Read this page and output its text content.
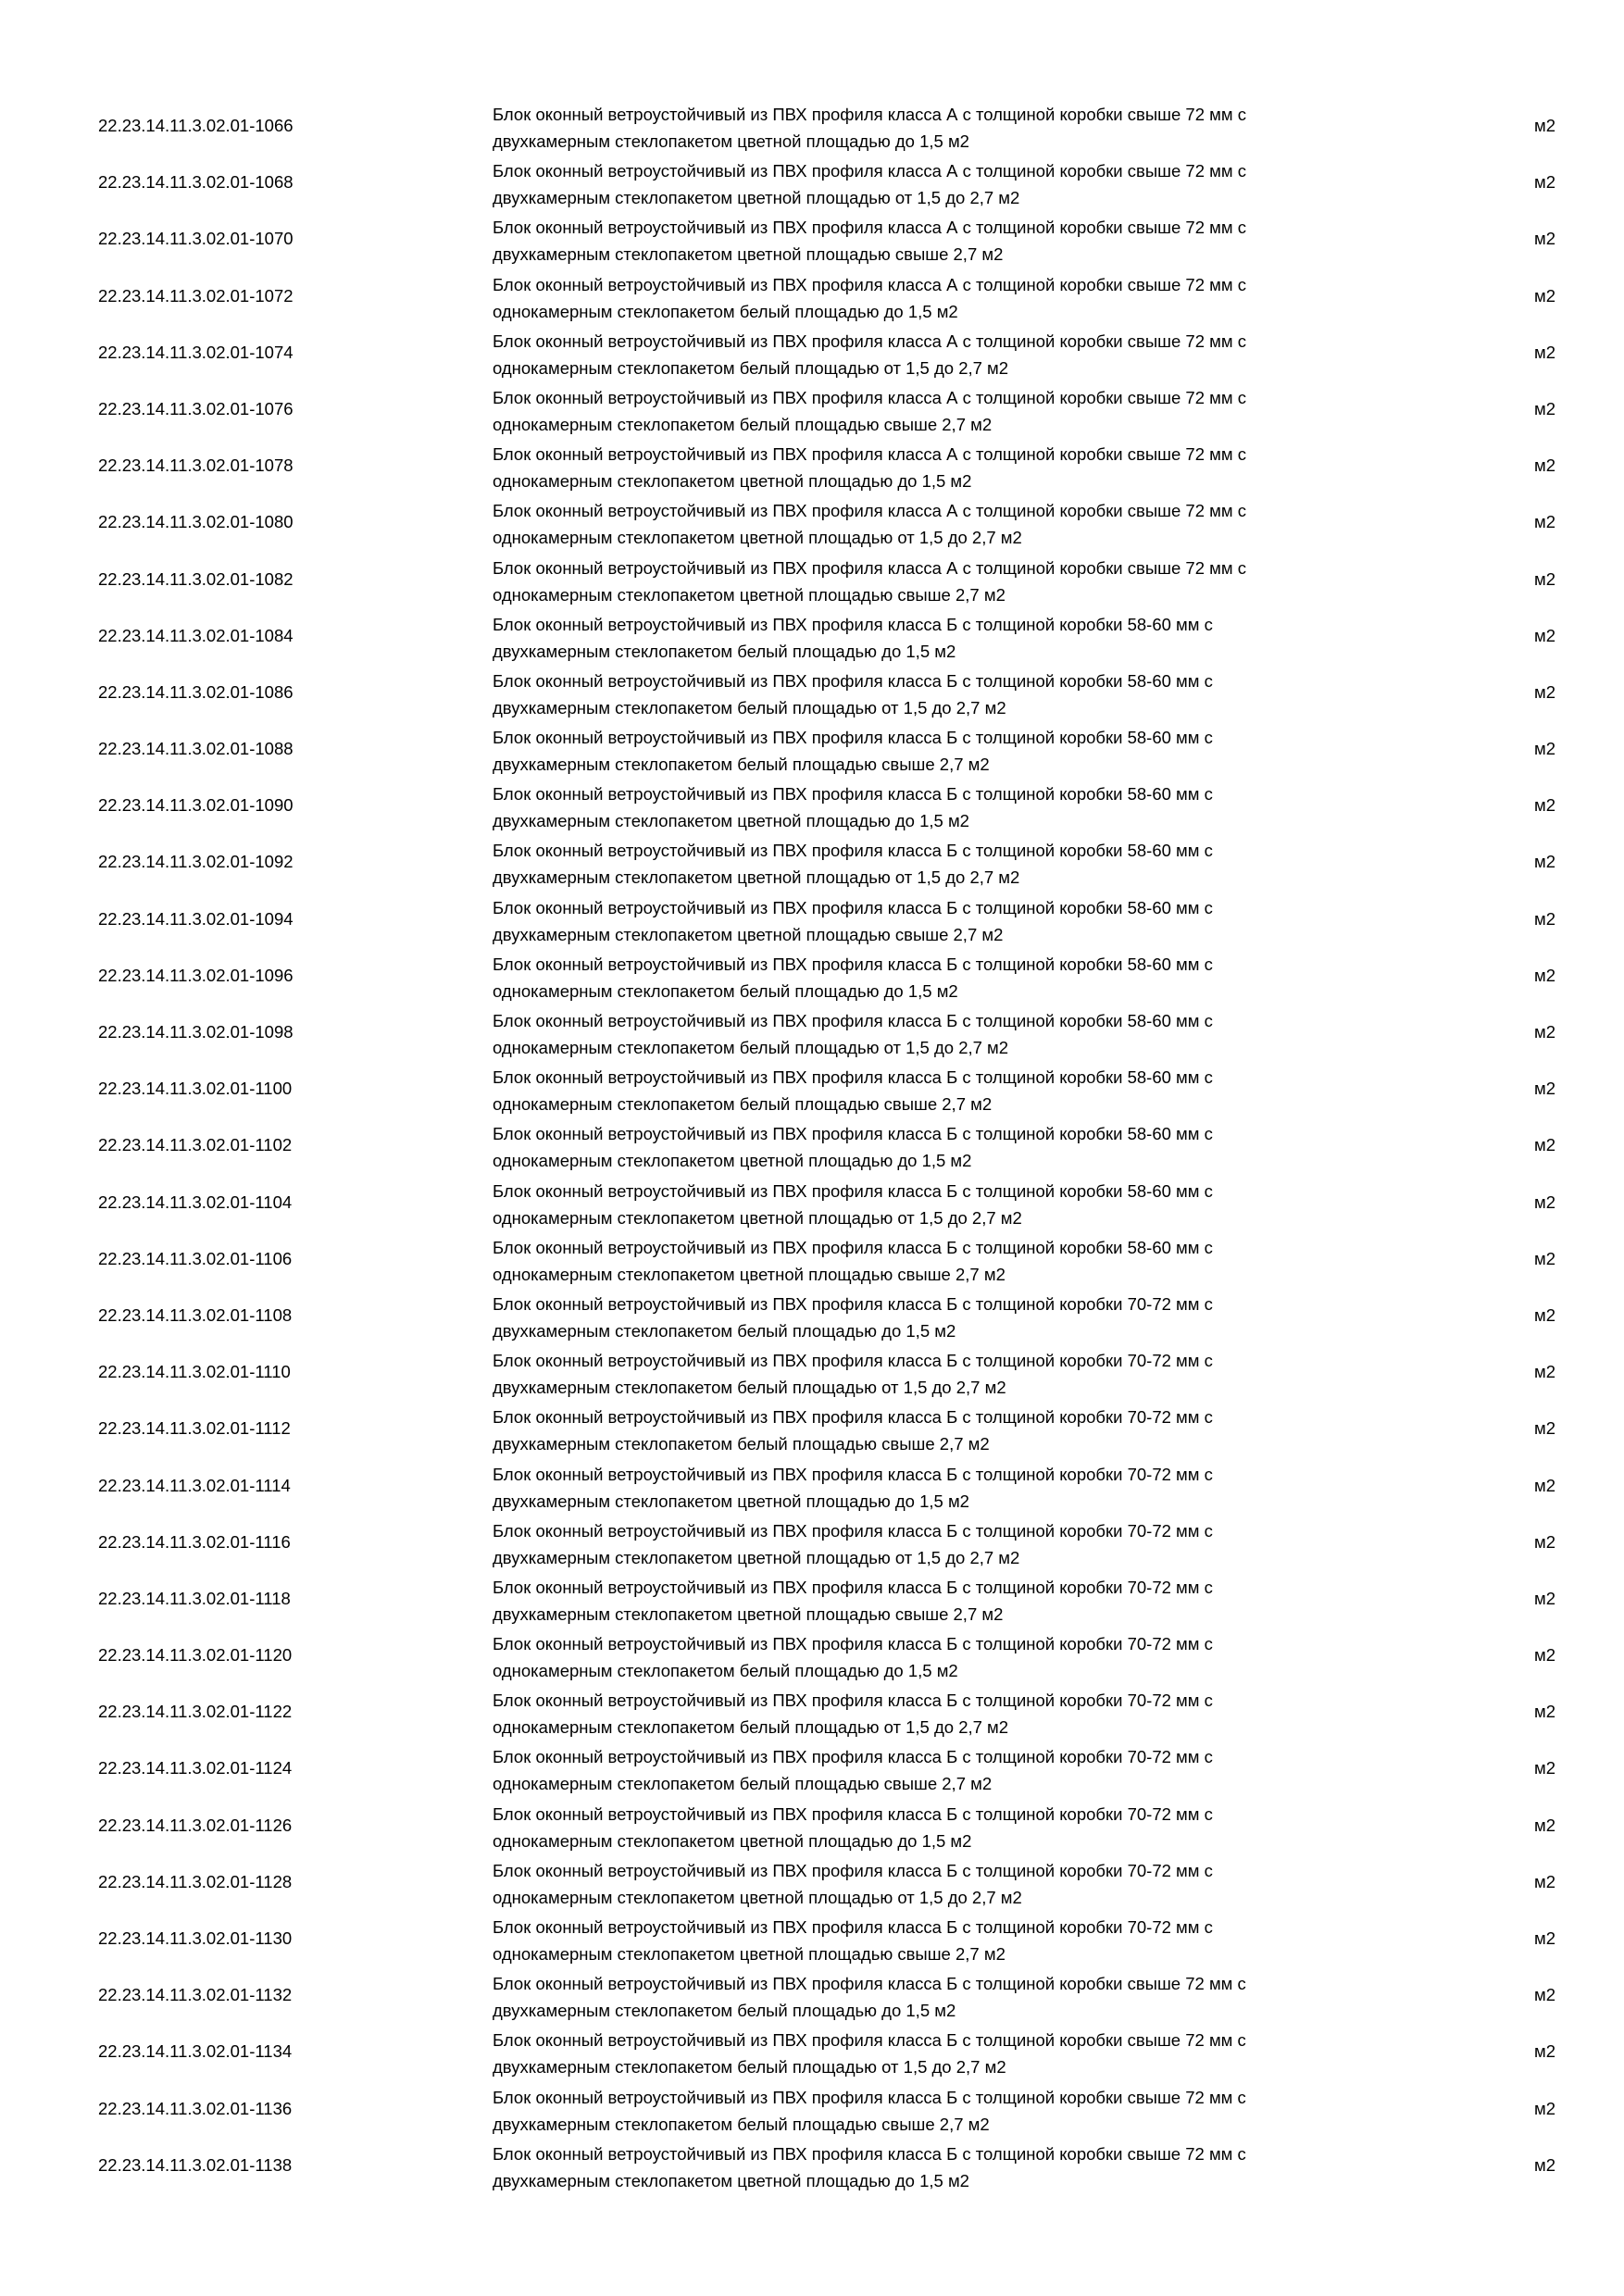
22.23.14.11.3.02.01-1066
Блок оконный ветроустойчивый из ПВХ профиля класса А с толщиной коробки свыше 72 мм с
двухкамерным стеклопакетом цветной площадью до 1,5 м2
м2
22.23.14.11.3.02.01-1068
Блок оконный ветроустойчивый из ПВХ профиля класса А с толщиной коробки свыше 72 мм с
двухкамерным стеклопакетом цветной площадью от 1,5 до 2,7 м2
м2
22.23.14.11.3.02.01-1070
Блок оконный ветроустойчивый из ПВХ профиля класса А с толщиной коробки свыше 72 мм с
двухкамерным стеклопакетом цветной площадью свыше 2,7 м2
м2
22.23.14.11.3.02.01-1072
Блок оконный ветроустойчивый из ПВХ профиля класса А с толщиной коробки свыше 72 мм с
однокамерным стеклопакетом белый площадью до 1,5 м2
м2
22.23.14.11.3.02.01-1074
Блок оконный ветроустойчивый из ПВХ профиля класса А с толщиной коробки свыше 72 мм с
однокамерным стеклопакетом белый площадью от 1,5 до 2,7 м2
м2
22.23.14.11.3.02.01-1076
Блок оконный ветроустойчивый из ПВХ профиля класса А с толщиной коробки свыше 72 мм с
однокамерным стеклопакетом белый площадью свыше 2,7 м2
м2
22.23.14.11.3.02.01-1078
Блок оконный ветроустойчивый из ПВХ профиля класса А с толщиной коробки свыше 72 мм с
однокамерным стеклопакетом цветной площадью до 1,5 м2
м2
22.23.14.11.3.02.01-1080
Блок оконный ветроустойчивый из ПВХ профиля класса А с толщиной коробки свыше 72 мм с
однокамерным стеклопакетом цветной площадью от 1,5 до 2,7 м2
м2
22.23.14.11.3.02.01-1082
Блок оконный ветроустойчивый из ПВХ профиля класса А с толщиной коробки свыше 72 мм с
однокамерным стеклопакетом цветной площадью свыше 2,7 м2
м2
22.23.14.11.3.02.01-1084
Блок оконный ветроустойчивый из ПВХ профиля класса Б с толщиной коробки 58-60 мм с
двухкамерным стеклопакетом белый площадью до 1,5 м2
м2
22.23.14.11.3.02.01-1086
Блок оконный ветроустойчивый из ПВХ профиля класса Б с толщиной коробки 58-60 мм с
двухкамерным стеклопакетом белый площадью от 1,5 до 2,7 м2
м2
22.23.14.11.3.02.01-1088
Блок оконный ветроустойчивый из ПВХ профиля класса Б с толщиной коробки 58-60 мм с
двухкамерным стеклопакетом белый площадью свыше 2,7 м2
м2
22.23.14.11.3.02.01-1090
Блок оконный ветроустойчивый из ПВХ профиля класса Б с толщиной коробки 58-60 мм с
двухкамерным стеклопакетом цветной площадью до 1,5 м2
м2
22.23.14.11.3.02.01-1092
Блок оконный ветроустойчивый из ПВХ профиля класса Б с толщиной коробки 58-60 мм с
двухкамерным стеклопакетом цветной площадью от 1,5 до 2,7 м2
м2
22.23.14.11.3.02.01-1094
Блок оконный ветроустойчивый из ПВХ профиля класса Б с толщиной коробки 58-60 мм с
двухкамерным стеклопакетом цветной площадью свыше 2,7 м2
м2
22.23.14.11.3.02.01-1096
Блок оконный ветроустойчивый из ПВХ профиля класса Б с толщиной коробки 58-60 мм с
однокамерным стеклопакетом белый площадью до 1,5 м2
м2
22.23.14.11.3.02.01-1098
Блок оконный ветроустойчивый из ПВХ профиля класса Б с толщиной коробки 58-60 мм с
однокамерным стеклопакетом белый площадью от 1,5 до 2,7 м2
м2
22.23.14.11.3.02.01-1100
Блок оконный ветроустойчивый из ПВХ профиля класса Б с толщиной коробки 58-60 мм с
однокамерным стеклопакетом белый площадью свыше 2,7 м2
м2
22.23.14.11.3.02.01-1102
Блок оконный ветроустойчивый из ПВХ профиля класса Б с толщиной коробки 58-60 мм с
однокамерным стеклопакетом цветной площадью до 1,5 м2
м2
22.23.14.11.3.02.01-1104
Блок оконный ветроустойчивый из ПВХ профиля класса Б с толщиной коробки 58-60 мм с
однокамерным стеклопакетом цветной площадью от 1,5 до 2,7 м2
м2
22.23.14.11.3.02.01-1106
Блок оконный ветроустойчивый из ПВХ профиля класса Б с толщиной коробки 58-60 мм с
однокамерным стеклопакетом цветной площадью свыше 2,7 м2
м2
22.23.14.11.3.02.01-1108
Блок оконный ветроустойчивый из ПВХ профиля класса Б с толщиной коробки 70-72 мм с
двухкамерным стеклопакетом белый площадью до 1,5 м2
м2
22.23.14.11.3.02.01-1110
Блок оконный ветроустойчивый из ПВХ профиля класса Б с толщиной коробки 70-72 мм с
двухкамерным стеклопакетом белый площадью от 1,5 до 2,7 м2
м2
22.23.14.11.3.02.01-1112
Блок оконный ветроустойчивый из ПВХ профиля класса Б с толщиной коробки 70-72 мм с
двухкамерным стеклопакетом белый площадью свыше 2,7 м2
м2
22.23.14.11.3.02.01-1114
Блок оконный ветроустойчивый из ПВХ профиля класса Б с толщиной коробки 70-72 мм с
двухкамерным стеклопакетом цветной площадью до 1,5 м2
м2
22.23.14.11.3.02.01-1116
Блок оконный ветроустойчивый из ПВХ профиля класса Б с толщиной коробки 70-72 мм с
двухкамерным стеклопакетом цветной площадью от 1,5 до 2,7 м2
м2
22.23.14.11.3.02.01-1118
Блок оконный ветроустойчивый из ПВХ профиля класса Б с толщиной коробки 70-72 мм с
двухкамерным стеклопакетом цветной площадью свыше 2,7 м2
м2
22.23.14.11.3.02.01-1120
Блок оконный ветроустойчивый из ПВХ профиля класса Б с толщиной коробки 70-72 мм с
однокамерным стеклопакетом белый площадью до 1,5 м2
м2
22.23.14.11.3.02.01-1122
Блок оконный ветроустойчивый из ПВХ профиля класса Б с толщиной коробки 70-72 мм с
однокамерным стеклопакетом белый площадью от 1,5 до 2,7 м2
м2
22.23.14.11.3.02.01-1124
Блок оконный ветроустойчивый из ПВХ профиля класса Б с толщиной коробки 70-72 мм с
однокамерным стеклопакетом белый площадью свыше 2,7 м2
м2
22.23.14.11.3.02.01-1126
Блок оконный ветроустойчивый из ПВХ профиля класса Б с толщиной коробки 70-72 мм с
однокамерным стеклопакетом цветной площадью до 1,5 м2
м2
22.23.14.11.3.02.01-1128
Блок оконный ветроустойчивый из ПВХ профиля класса Б с толщиной коробки 70-72 мм с
однокамерным стеклопакетом цветной площадью от 1,5 до 2,7 м2
м2
22.23.14.11.3.02.01-1130
Блок оконный ветроустойчивый из ПВХ профиля класса Б с толщиной коробки 70-72 мм с
однокамерным стеклопакетом цветной площадью свыше 2,7 м2
м2
22.23.14.11.3.02.01-1132
Блок оконный ветроустойчивый из ПВХ профиля класса Б с толщиной коробки свыше 72 мм с
двухкамерным стеклопакетом белый площадью до 1,5 м2
м2
22.23.14.11.3.02.01-1134
Блок оконный ветроустойчивый из ПВХ профиля класса Б с толщиной коробки свыше 72 мм с
двухкамерным стеклопакетом белый площадью от 1,5 до 2,7 м2
м2
22.23.14.11.3.02.01-1136
Блок оконный ветроустойчивый из ПВХ профиля класса Б с толщиной коробки свыше 72 мм с
двухкамерным стеклопакетом белый площадью свыше 2,7 м2
м2
22.23.14.11.3.02.01-1138
Блок оконный ветроустойчивый из ПВХ профиля класса Б с толщиной коробки свыше 72 мм с
двухкамерным стеклопакетом цветной площадью до 1,5 м2
м2
